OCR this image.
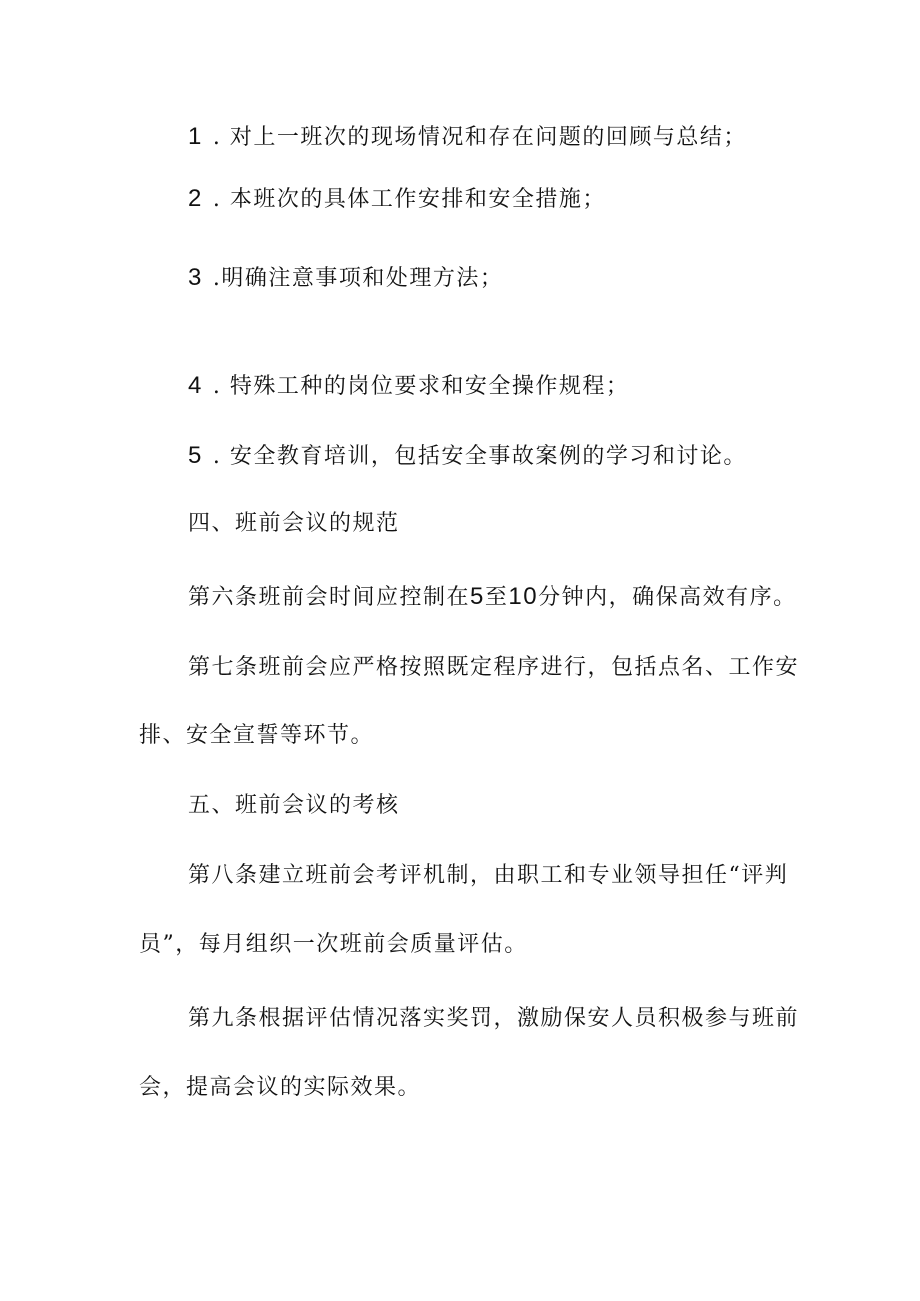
1 . 对上一班次的现场情况和存在问题的回顾与总结；
2 . 本班次的具体工作安排和安全措施；
3 .明确注意事项和处理方法；
4 . 特殊工种的岗位要求和安全操作规程；
5 . 安全教育培训，包括安全事故案例的学习和讨论。
四、班前会议的规范
第六条班前会时间应控制在5至10分钟内，确保高效有序。
第七条班前会应严格按照既定程序进行，包括点名、工作安
排、安全宣誓等环节。
五、班前会议的考核
第八条建立班前会考评机制，由职工和专业领导担任“评判
员”，每月组织一次班前会质量评估。
第九条根据评估情况落实奖罚，激励保安人员积极参与班前
会，提高会议的实际效果。
